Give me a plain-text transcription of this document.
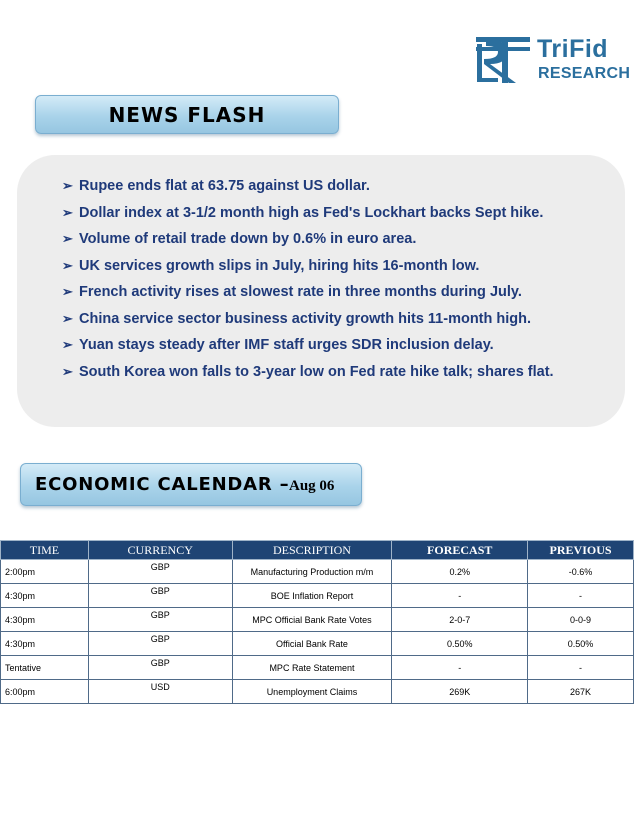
TriFid
RESEARCH
NEWS FLASH
➢ Rupee ends flat at 63.75 against US dollar.
➢ Dollar index at 3-1/2 month high as Fed's Lockhart backs Sept hike.
➢ Volume of retail trade down by 0.6% in euro area.
➢ UK services growth slips in July, hiring hits 16-month low.
➢ French activity rises at slowest rate in three months during July.
➢ China service sector business activity growth hits 11-month high.
➢ Yuan stays steady after IMF staff urges SDR inclusion delay.
➢ South Korea won falls to 3-year low on Fed rate hike talk; shares flat.
ECONOMIC CALENDAR – Aug 06
TIME	CURRENCY	DESCRIPTION	FORECAST	PREVIOUS
2:00pm	GBP	Manufacturing Production m/m	0.2%	-0.6%
4:30pm	GBP	BOE Inflation Report	-	-
4:30pm	GBP	MPC Official Bank Rate Votes	2-0-7	0-0-9
4:30pm	GBP	Official Bank Rate	0.50%	0.50%
Tentative	GBP	MPC Rate Statement	-	-
6:00pm	USD	Unemployment Claims	269K	267K
